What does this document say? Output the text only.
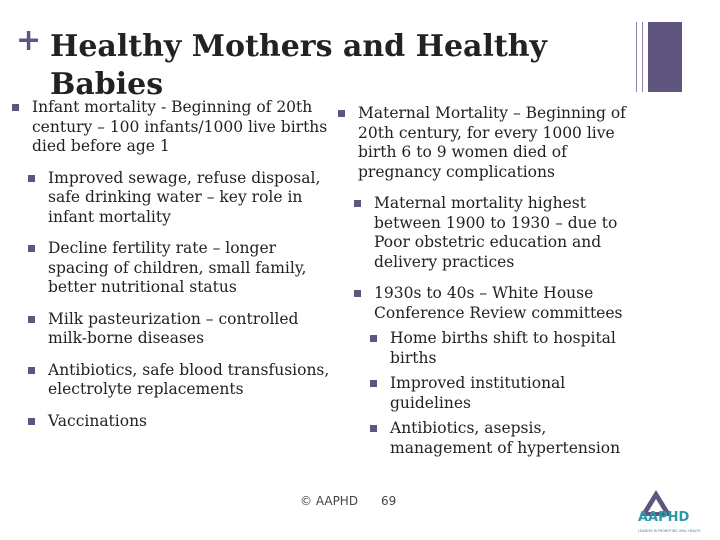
+ Healthy Mothers and Healthy Babies
Infant mortality - Beginning of 20th century – 100 infants/1000 live births died before age 1
Improved sewage, refuse disposal, safe drinking water – key role in infant mortality
Decline fertility rate – longer spacing of children, small family, better nutritional status
Milk pasteurization – controlled milk-borne diseases
Antibiotics, safe blood transfusions, electrolyte replacements
Vaccinations
Maternal Mortality – Beginning of 20th century, for every 1000 live birth 6 to 9 women died of pregnancy complications
Maternal mortality highest between 1900 to 1930 – due to Poor obstetric education and delivery practices
1930s to 40s – White House Conference Review committees
Home births shift to hospital births
Improved institutional guidelines
Antibiotics, asepsis, management of hypertension
© AAPHD 69
AAPHD
LEADERS IN PROMOTING ORAL HEALTH
